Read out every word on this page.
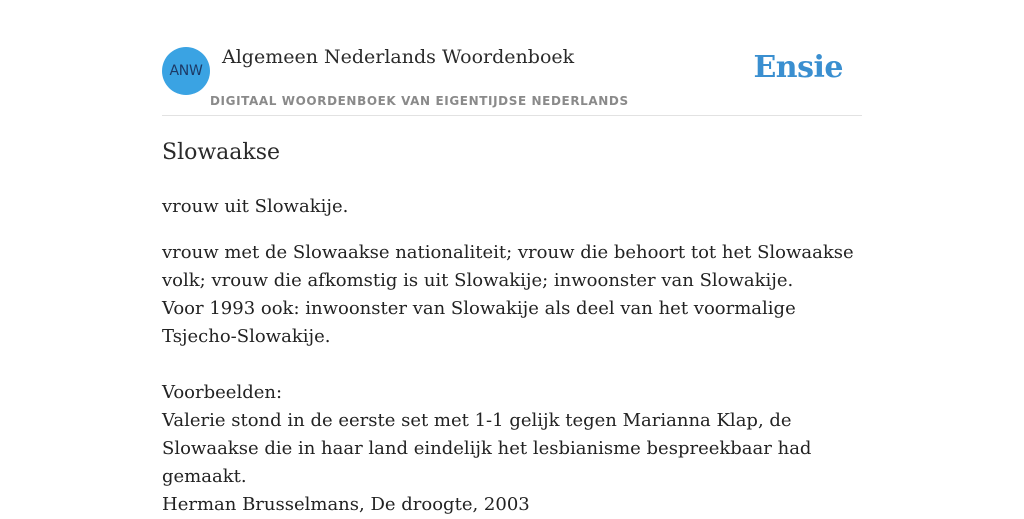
ANW
Algemeen Nederlands Woordenboek
DIGITAAL WOORDENBOEK VAN EIGENTIJDSE NEDERLANDS
Ensie
Slowaakse
vrouw uit Slowakije.

vrouw met de Slowaakse nationaliteit; vrouw die behoort tot het Slowaakse volk; vrouw die afkomstig is uit Slowakije; inwoonster van Slowakije.

Voor 1993 ook: inwoonster van Slowakije als deel van het voormalige Tsjecho-Slowakije.

Voorbeelden:

Valerie stond in de eerste set met 1-1 gelijk tegen Marianna Klap, de Slowaakse die in haar land eindelijk het lesbianisme bespreekbaar had gemaakt.

Herman Brusselmans, De droogte, 2003
